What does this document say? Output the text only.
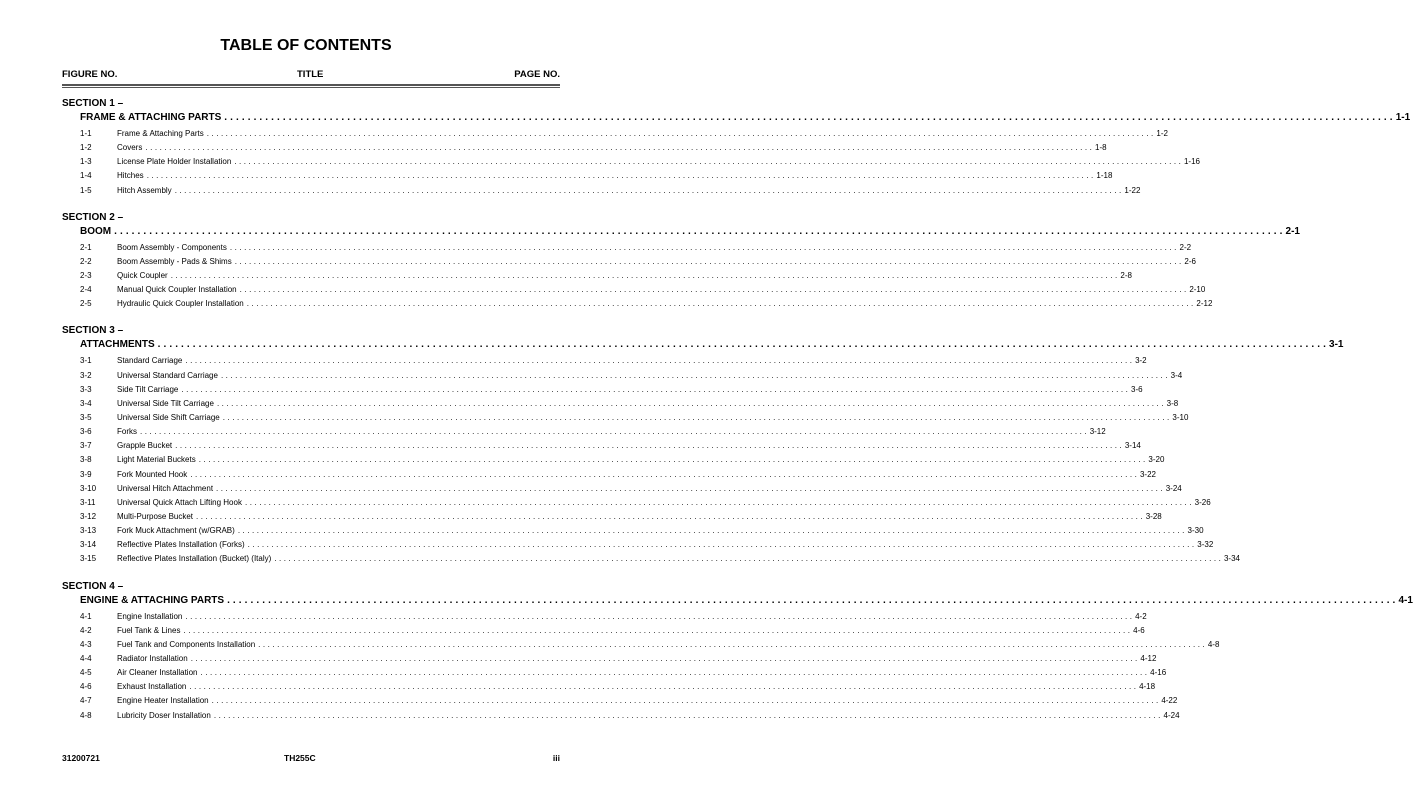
TABLE OF CONTENTS
FIGURE NO.	TITLE	PAGE NO.
SECTION 1 –
FRAME & ATTACHING PARTS . . . . . . . . . . . . . . . . . . . . . . . . . . . . . . . . . . . . . . . . . . . . . . . . . . . . . . . . . . . . . . . . . . . . . . . . . . . . . . . . . . . . . . . . . . . . . . . . . . . . . . . . . . . . . . . . . . . . . . . . . . . . . . . . . . . . . . . . . . . . . . . . . . . . . . . . . . . . . . . . . . . . . . . . . . . . . . . . . . . . . . . . . . . . . . . . . . . . . . . . 1-1
1-1	Frame & Attaching Parts . . . . . . . . . . . . . . . . . . . . . . . . . . . . . . . . . . . . . . . . . . . . . . . . . . . . . . . . . . . . . . . . . . . . . . . . . . . . . . . . . . . . . . . . . . . . . . . . . . . . . . . . . . . . . . . . . . . . . . . . . . . . . . . . . . . . . . . . . . . . . . . . . . . . . . . . . . . . . . . . . . . . . . . . . . . . . . . . . . . . . . . . . . . . . . . . . . . . . . . . 1-2
1-2	Covers . . . . . . . . . . . . . . . . . . . . . . . . . . . . . . . . . . . . . . . . . . . . . . . . . . . . . . . . . . . . . . . . . . . . . . . . . . . . . . . . . . . . . . . . . . . . . . . . . . . . . . . . . . . . . . . . . . . . . . . . . . . . . . . . . . . . . . . . . . . . . . . . . . . . . . . . . . . . . . . . . . . . . . . . . . . . . . . . . . . . . . . . . . . . . . . . . . . . . . . . 1-8
1-3	License Plate Holder Installation . . . . . . . . . . . . . . . . . . . . . . . . . . . . . . . . . . . . . . . . . . . . . . . . . . . . . . . . . . . . . . . . . . . . . . . . . . . . . . . . . . . . . . . . . . . . . . . . . . . . . . . . . . . . . . . . . . . . . . . . . . . . . . . . . . . . . . . . . . . . . . . . . . . . . . . . . . . . . . . . . . . . . . . . . . . . . . . . . . . . . . . . . . . . . . . . . . . . . . . . 1-16
1-4	Hitches . . . . . . . . . . . . . . . . . . . . . . . . . . . . . . . . . . . . . . . . . . . . . . . . . . . . . . . . . . . . . . . . . . . . . . . . . . . . . . . . . . . . . . . . . . . . . . . . . . . . . . . . . . . . . . . . . . . . . . . . . . . . . . . . . . . . . . . . . . . . . . . . . . . . . . . . . . . . . . . . . . . . . . . . . . . . . . . . . . . . . . . . . . . . . . . . . . . . . . . . 1-18
1-5	Hitch Assembly . . . . . . . . . . . . . . . . . . . . . . . . . . . . . . . . . . . . . . . . . . . . . . . . . . . . . . . . . . . . . . . . . . . . . . . . . . . . . . . . . . . . . . . . . . . . . . . . . . . . . . . . . . . . . . . . . . . . . . . . . . . . . . . . . . . . . . . . . . . . . . . . . . . . . . . . . . . . . . . . . . . . . . . . . . . . . . . . . . . . . . . . . . . . . . . . . . . . . . . . 1-22
SECTION 2 –
BOOM . . . . . . . . . . . . . . . . . . . . . . . . . . . . . . . . . . . . . . . . . . . . . . . . . . . . . . . . . . . . . . . . . . . . . . . . . . . . . . . . . . . . . . . . . . . . . . . . . . . . . . . . . . . . . . . . . . . . . . . . . . . . . . . . . . . . . . . . . . . . . . . . . . . . . . . . . . . . . . . . . . . . . . . . . . . . . . . . . . . . . . . . . . . . . . . . . . . . . . . . 2-1
2-1	Boom Assembly - Components . . . . . . . . . . . . . . . . . . . . . . . . . . . . . . . . . . . . . . . . . . . . . . . . . . . . . . . . . . . . . . . . . . . . . . . . . . . . . . . . . . . . . . . . . . . . . . . . . . . . . . . . . . . . . . . . . . . . . . . . . . . . . . . . . . . . . . . . . . . . . . . . . . . . . . . . . . . . . . . . . . . . . . . . . . . . . . . . . . . . . . . . . . . . . . . . . . . . . . . . 2-2
2-2	Boom Assembly - Pads & Shims . . . . . . . . . . . . . . . . . . . . . . . . . . . . . . . . . . . . . . . . . . . . . . . . . . . . . . . . . . . . . . . . . . . . . . . . . . . . . . . . . . . . . . . . . . . . . . . . . . . . . . . . . . . . . . . . . . . . . . . . . . . . . . . . . . . . . . . . . . . . . . . . . . . . . . . . . . . . . . . . . . . . . . . . . . . . . . . . . . . . . . . . . . . . . . . . . . . . . . . . 2-6
2-3	Quick Coupler . . . . . . . . . . . . . . . . . . . . . . . . . . . . . . . . . . . . . . . . . . . . . . . . . . . . . . . . . . . . . . . . . . . . . . . . . . . . . . . . . . . . . . . . . . . . . . . . . . . . . . . . . . . . . . . . . . . . . . . . . . . . . . . . . . . . . . . . . . . . . . . . . . . . . . . . . . . . . . . . . . . . . . . . . . . . . . . . . . . . . . . . . . . . . . . . . . . . . . . . 2-8
2-4	Manual Quick Coupler Installation . . . . . . . . . . . . . . . . . . . . . . . . . . . . . . . . . . . . . . . . . . . . . . . . . . . . . . . . . . . . . . . . . . . . . . . . . . . . . . . . . . . . . . . . . . . . . . . . . . . . . . . . . . . . . . . . . . . . . . . . . . . . . . . . . . . . . . . . . . . . . . . . . . . . . . . . . . . . . . . . . . . . . . . . . . . . . . . . . . . . . . . . . . . . . . . . . . . . . . . . 2-10
2-5	Hydraulic Quick Coupler Installation . . . . . . . . . . . . . . . . . . . . . . . . . . . . . . . . . . . . . . . . . . . . . . . . . . . . . . . . . . . . . . . . . . . . . . . . . . . . . . . . . . . . . . . . . . . . . . . . . . . . . . . . . . . . . . . . . . . . . . . . . . . . . . . . . . . . . . . . . . . . . . . . . . . . . . . . . . . . . . . . . . . . . . . . . . . . . . . . . . . . . . . . . . . . . . . . . . . . . . . . 2-12
SECTION 3 –
ATTACHMENTS . . . . . . . . . . . . . . . . . . . . . . . . . . . . . . . . . . . . . . . . . . . . . . . . . . . . . . . . . . . . . . . . . . . . . . . . . . . . . . . . . . . . . . . . . . . . . . . . . . . . . . . . . . . . . . . . . . . . . . . . . . . . . . . . . . . . . . . . . . . . . . . . . . . . . . . . . . . . . . . . . . . . . . . . . . . . . . . . . . . . . . . . . . . . . . . . . . . . . . . . 3-1
3-1	Standard Carriage . . . . . . . . . . . . . . . . . . . . . . . . . . . . . . . . . . . . . . . . . . . . . . . . . . . . . . . . . . . . . . . . . . . . . . . . . . . . . . . . . . . . . . . . . . . . . . . . . . . . . . . . . . . . . . . . . . . . . . . . . . . . . . . . . . . . . . . . . . . . . . . . . . . . . . . . . . . . . . . . . . . . . . . . . . . . . . . . . . . . . . . . . . . . . . . . . . . . . . . . 3-2
3-2	Universal Standard Carriage . . . . . . . . . . . . . . . . . . . . . . . . . . . . . . . . . . . . . . . . . . . . . . . . . . . . . . . . . . . . . . . . . . . . . . . . . . . . . . . . . . . . . . . . . . . . . . . . . . . . . . . . . . . . . . . . . . . . . . . . . . . . . . . . . . . . . . . . . . . . . . . . . . . . . . . . . . . . . . . . . . . . . . . . . . . . . . . . . . . . . . . . . . . . . . . . . . . . . . . . 3-4
3-3	Side Tilt Carriage . . . . . . . . . . . . . . . . . . . . . . . . . . . . . . . . . . . . . . . . . . . . . . . . . . . . . . . . . . . . . . . . . . . . . . . . . . . . . . . . . . . . . . . . . . . . . . . . . . . . . . . . . . . . . . . . . . . . . . . . . . . . . . . . . . . . . . . . . . . . . . . . . . . . . . . . . . . . . . . . . . . . . . . . . . . . . . . . . . . . . . . . . . . . . . . . . . . . . . . . 3-6
3-4	Universal Side Tilt Carriage . . . . . . . . . . . . . . . . . . . . . . . . . . . . . . . . . . . . . . . . . . . . . . . . . . . . . . . . . . . . . . . . . . . . . . . . . . . . . . . . . . . . . . . . . . . . . . . . . . . . . . . . . . . . . . . . . . . . . . . . . . . . . . . . . . . . . . . . . . . . . . . . . . . . . . . . . . . . . . . . . . . . . . . . . . . . . . . . . . . . . . . . . . . . . . . . . . . . . . . . 3-8
3-5	Universal Side Shift Carriage . . . . . . . . . . . . . . . . . . . . . . . . . . . . . . . . . . . . . . . . . . . . . . . . . . . . . . . . . . . . . . . . . . . . . . . . . . . . . . . . . . . . . . . . . . . . . . . . . . . . . . . . . . . . . . . . . . . . . . . . . . . . . . . . . . . . . . . . . . . . . . . . . . . . . . . . . . . . . . . . . . . . . . . . . . . . . . . . . . . . . . . . . . . . . . . . . . . . . . . . 3-10
3-6	Forks . . . . . . . . . . . . . . . . . . . . . . . . . . . . . . . . . . . . . . . . . . . . . . . . . . . . . . . . . . . . . . . . . . . . . . . . . . . . . . . . . . . . . . . . . . . . . . . . . . . . . . . . . . . . . . . . . . . . . . . . . . . . . . . . . . . . . . . . . . . . . . . . . . . . . . . . . . . . . . . . . . . . . . . . . . . . . . . . . . . . . . . . . . . . . . . . . . . . . . . . 3-12
3-7	Grapple Bucket . . . . . . . . . . . . . . . . . . . . . . . . . . . . . . . . . . . . . . . . . . . . . . . . . . . . . . . . . . . . . . . . . . . . . . . . . . . . . . . . . . . . . . . . . . . . . . . . . . . . . . . . . . . . . . . . . . . . . . . . . . . . . . . . . . . . . . . . . . . . . . . . . . . . . . . . . . . . . . . . . . . . . . . . . . . . . . . . . . . . . . . . . . . . . . . . . . . . . . . . 3-14
3-8	Light Material Buckets . . . . . . . . . . . . . . . . . . . . . . . . . . . . . . . . . . . . . . . . . . . . . . . . . . . . . . . . . . . . . . . . . . . . . . . . . . . . . . . . . . . . . . . . . . . . . . . . . . . . . . . . . . . . . . . . . . . . . . . . . . . . . . . . . . . . . . . . . . . . . . . . . . . . . . . . . . . . . . . . . . . . . . . . . . . . . . . . . . . . . . . . . . . . . . . . . . . . . . . . 3-20
3-9	Fork Mounted Hook . . . . . . . . . . . . . . . . . . . . . . . . . . . . . . . . . . . . . . . . . . . . . . . . . . . . . . . . . . . . . . . . . . . . . . . . . . . . . . . . . . . . . . . . . . . . . . . . . . . . . . . . . . . . . . . . . . . . . . . . . . . . . . . . . . . . . . . . . . . . . . . . . . . . . . . . . . . . . . . . . . . . . . . . . . . . . . . . . . . . . . . . . . . . . . . . . . . . . . . . 3-22
3-10	Universal Hitch Attachment . . . . . . . . . . . . . . . . . . . . . . . . . . . . . . . . . . . . . . . . . . . . . . . . . . . . . . . . . . . . . . . . . . . . . . . . . . . . . . . . . . . . . . . . . . . . . . . . . . . . . . . . . . . . . . . . . . . . . . . . . . . . . . . . . . . . . . . . . . . . . . . . . . . . . . . . . . . . . . . . . . . . . . . . . . . . . . . . . . . . . . . . . . . . . . . . . . . . . . . . 3-24
3-11	Universal Quick Attach Lifting Hook . . . . . . . . . . . . . . . . . . . . . . . . . . . . . . . . . . . . . . . . . . . . . . . . . . . . . . . . . . . . . . . . . . . . . . . . . . . . . . . . . . . . . . . . . . . . . . . . . . . . . . . . . . . . . . . . . . . . . . . . . . . . . . . . . . . . . . . . . . . . . . . . . . . . . . . . . . . . . . . . . . . . . . . . . . . . . . . . . . . . . . . . . . . . . . . . . . . . . . . . 3-26
3-12	Multi-Purpose Bucket . . . . . . . . . . . . . . . . . . . . . . . . . . . . . . . . . . . . . . . . . . . . . . . . . . . . . . . . . . . . . . . . . . . . . . . . . . . . . . . . . . . . . . . . . . . . . . . . . . . . . . . . . . . . . . . . . . . . . . . . . . . . . . . . . . . . . . . . . . . . . . . . . . . . . . . . . . . . . . . . . . . . . . . . . . . . . . . . . . . . . . . . . . . . . . . . . . . . . . . . 3-28
3-13	Fork Muck Attachment (w/GRAB) . . . . . . . . . . . . . . . . . . . . . . . . . . . . . . . . . . . . . . . . . . . . . . . . . . . . . . . . . . . . . . . . . . . . . . . . . . . . . . . . . . . . . . . . . . . . . . . . . . . . . . . . . . . . . . . . . . . . . . . . . . . . . . . . . . . . . . . . . . . . . . . . . . . . . . . . . . . . . . . . . . . . . . . . . . . . . . . . . . . . . . . . . . . . . . . . . . . . . . . . 3-30
3-14	Reflective Plates Installation (Forks) . . . . . . . . . . . . . . . . . . . . . . . . . . . . . . . . . . . . . . . . . . . . . . . . . . . . . . . . . . . . . . . . . . . . . . . . . . . . . . . . . . . . . . . . . . . . . . . . . . . . . . . . . . . . . . . . . . . . . . . . . . . . . . . . . . . . . . . . . . . . . . . . . . . . . . . . . . . . . . . . . . . . . . . . . . . . . . . . . . . . . . . . . . . . . . . . . . . . . . . . 3-32
3-15	Reflective Plates Installation (Bucket) (Italy) . . . . . . . . . . . . . . . . . . . . . . . . . . . . . . . . . . . . . . . . . . . . . . . . . . . . . . . . . . . . . . . . . . . . . . . . . . . . . . . . . . . . . . . . . . . . . . . . . . . . . . . . . . . . . . . . . . . . . . . . . . . . . . . . . . . . . . . . . . . . . . . . . . . . . . . . . . . . . . . . . . . . . . . . . . . . . . . . . . . . . . . . . . . . . . . . . . . . . . . . 3-34
SECTION 4 –
ENGINE & ATTACHING PARTS . . . . . . . . . . . . . . . . . . . . . . . . . . . . . . . . . . . . . . . . . . . . . . . . . . . . . . . . . . . . . . . . . . . . . . . . . . . . . . . . . . . . . . . . . . . . . . . . . . . . . . . . . . . . . . . . . . . . . . . . . . . . . . . . . . . . . . . . . . . . . . . . . . . . . . . . . . . . . . . . . . . . . . . . . . . . . . . . . . . . . . . . . . . . . . . . . . . . . . . . 4-1
4-1	Engine Installation . . . . . . . . . . . . . . . . . . . . . . . . . . . . . . . . . . . . . . . . . . . . . . . . . . . . . . . . . . . . . . . . . . . . . . . . . . . . . . . . . . . . . . . . . . . . . . . . . . . . . . . . . . . . . . . . . . . . . . . . . . . . . . . . . . . . . . . . . . . . . . . . . . . . . . . . . . . . . . . . . . . . . . . . . . . . . . . . . . . . . . . . . . . . . . . . . . . . . . . . 4-2
4-2	Fuel Tank & Lines . . . . . . . . . . . . . . . . . . . . . . . . . . . . . . . . . . . . . . . . . . . . . . . . . . . . . . . . . . . . . . . . . . . . . . . . . . . . . . . . . . . . . . . . . . . . . . . . . . . . . . . . . . . . . . . . . . . . . . . . . . . . . . . . . . . . . . . . . . . . . . . . . . . . . . . . . . . . . . . . . . . . . . . . . . . . . . . . . . . . . . . . . . . . . . . . . . . . . . . . 4-6
4-3	Fuel Tank and Components Installation . . . . . . . . . . . . . . . . . . . . . . . . . . . . . . . . . . . . . . . . . . . . . . . . . . . . . . . . . . . . . . . . . . . . . . . . . . . . . . . . . . . . . . . . . . . . . . . . . . . . . . . . . . . . . . . . . . . . . . . . . . . . . . . . . . . . . . . . . . . . . . . . . . . . . . . . . . . . . . . . . . . . . . . . . . . . . . . . . . . . . . . . . . . . . . . . . . . . . . . . 4-8
4-4	Radiator Installation . . . . . . . . . . . . . . . . . . . . . . . . . . . . . . . . . . . . . . . . . . . . . . . . . . . . . . . . . . . . . . . . . . . . . . . . . . . . . . . . . . . . . . . . . . . . . . . . . . . . . . . . . . . . . . . . . . . . . . . . . . . . . . . . . . . . . . . . . . . . . . . . . . . . . . . . . . . . . . . . . . . . . . . . . . . . . . . . . . . . . . . . . . . . . . . . . . . . . . . . 4-12
4-5	Air Cleaner Installation . . . . . . . . . . . . . . . . . . . . . . . . . . . . . . . . . . . . . . . . . . . . . . . . . . . . . . . . . . . . . . . . . . . . . . . . . . . . . . . . . . . . . . . . . . . . . . . . . . . . . . . . . . . . . . . . . . . . . . . . . . . . . . . . . . . . . . . . . . . . . . . . . . . . . . . . . . . . . . . . . . . . . . . . . . . . . . . . . . . . . . . . . . . . . . . . . . . . . . . . 4-16
4-6	Exhaust Installation . . . . . . . . . . . . . . . . . . . . . . . . . . . . . . . . . . . . . . . . . . . . . . . . . . . . . . . . . . . . . . . . . . . . . . . . . . . . . . . . . . . . . . . . . . . . . . . . . . . . . . . . . . . . . . . . . . . . . . . . . . . . . . . . . . . . . . . . . . . . . . . . . . . . . . . . . . . . . . . . . . . . . . . . . . . . . . . . . . . . . . . . . . . . . . . . . . . . . . . . 4-18
4-7	Engine Heater Installation . . . . . . . . . . . . . . . . . . . . . . . . . . . . . . . . . . . . . . . . . . . . . . . . . . . . . . . . . . . . . . . . . . . . . . . . . . . . . . . . . . . . . . . . . . . . . . . . . . . . . . . . . . . . . . . . . . . . . . . . . . . . . . . . . . . . . . . . . . . . . . . . . . . . . . . . . . . . . . . . . . . . . . . . . . . . . . . . . . . . . . . . . . . . . . . . . . . . . . . . 4-22
4-8	Lubricity Doser Installation . . . . . . . . . . . . . . . . . . . . . . . . . . . . . . . . . . . . . . . . . . . . . . . . . . . . . . . . . . . . . . . . . . . . . . . . . . . . . . . . . . . . . . . . . . . . . . . . . . . . . . . . . . . . . . . . . . . . . . . . . . . . . . . . . . . . . . . . . . . . . . . . . . . . . . . . . . . . . . . . . . . . . . . . . . . . . . . . . . . . . . . . . . . . . . . . . . . . . . . . 4-24
31200721	TH255C	iii
